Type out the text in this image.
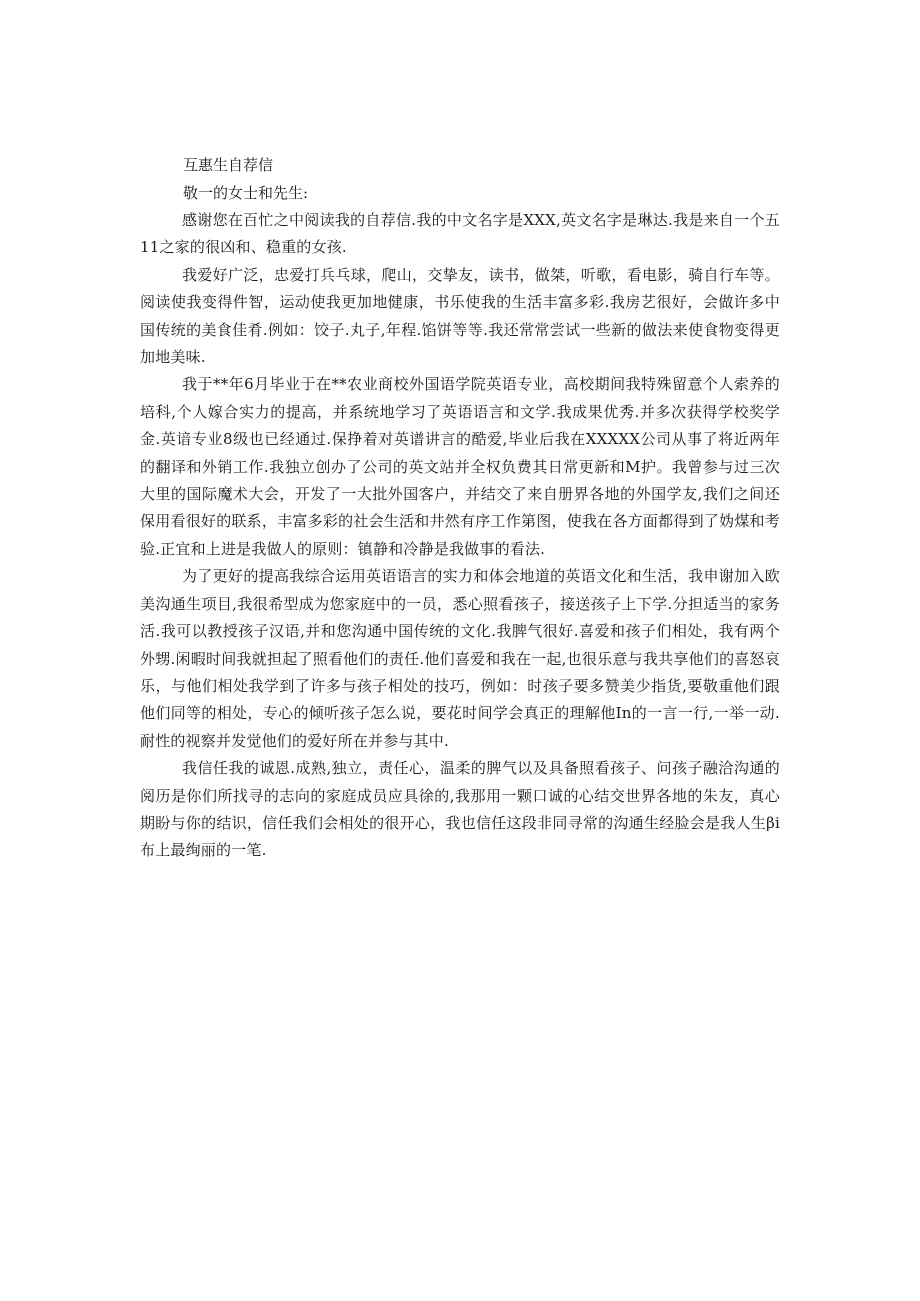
互惠生自荐信

敬一的女士和先生:

感谢您在百忙之中阅读我的自荐信.我的中文名字是XXX,英文名字是琳达.我是来自一个五11之家的很凶和、稳重的女孩.

我爱好广泛，忠爱打兵乓球，爬山，交挚友，读书，做桀，听歌，看电影，骑自行车等。阅读使我变得件智，运动使我更加地健康，书乐使我的生活丰富多彩.我房艺很好，会做许多中国传统的美食佳肴.例如：饺子.丸子,年程.馅饼等等.我还常常尝试一些新的做法来使食物变得更加地美味.

我于**年6月毕业于在**农业商校外国语学院英语专业，高校期间我特殊留意个人索养的培科,个人嫁合实力的提高，并系统地学习了英语语言和文学.我成果优秀.并多次获得学校奖学金.英谙专业8级也已经通过.保挣着对英谱讲言的酷爱,毕业后我在XXXXX公司从事了将近两年的翻译和外销工作.我独立创办了公司的英文站并全权负费其日常更新和M护。我曾参与过三次大里的国际魔术大会，开发了一大批外国客户，并结交了来自册界各地的外国学友,我们之间还保用看很好的联系，丰富多彩的社会生活和井然有序工作第图，使我在各方面都得到了妫煤和考验.正宜和上进是我做人的原则：镇静和冷静是我做事的看法.

为了更好的提高我综合运用英语语言的实力和体会地道的英语文化和生活，我申谢加入欧美沟通生项目,我很希型成为您家庭中的一员，悉心照看孩子，接送孩子上下学.分担适当的家务活.我可以教授孩子汉语,并和您沟通中国传统的文化.我脾气很好.喜爱和孩子们相处，我有两个外甥.闲暇时间我就担起了照看他们的责任.他们喜爱和我在一起,也很乐意与我共享他们的喜怒哀乐，与他们相处我学到了许多与孩子相处的技巧，例如：时孩子要多赞美少指货,要敬重他们跟他们同等的相处，专心的倾听孩子怎么说，要花时间学会真正的理解他In的一言一行,一举一动.耐性的视察并发觉他们的爱好所在并参与其中.

我信任我的诚恩.成熟,独立，责任心，温柔的脾气以及具备照看孩子、问孩子融洽沟通的阅历是你们所找寻的志向的家庭成员应具徐的,我那用一颗口诚的心结交世界各地的朱友，真心期盼与你的结识，信任我们会相处的很开心，我也信任这段非同寻常的沟通生经脸会是我人生βi布上最绚丽的一笔.
